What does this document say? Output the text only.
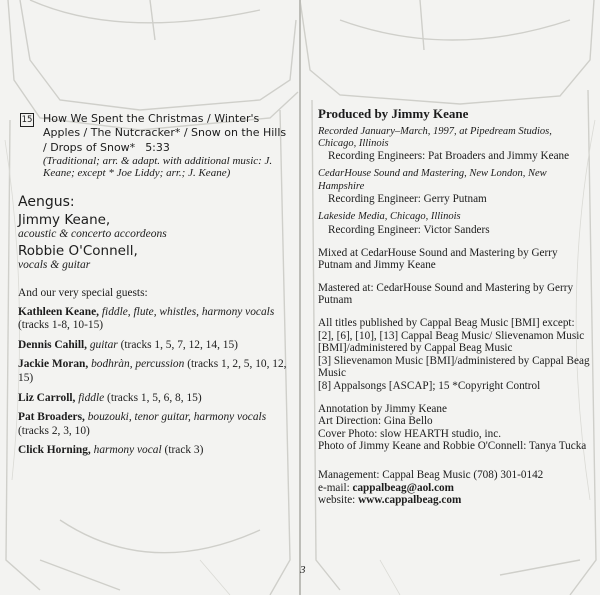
15 How We Spent the Christmas / Winter's Apples / The Nutcracker* / Snow on the Hills / Drops of Snow* 5:33
(Traditional; arr. & adapt. with additional music: J. Keane; except * Joe Liddy; arr.; J. Keane)
Aengus:
Jimmy Keane,
acoustic & concerto accordeons
Robbie O'Connell,
vocals & guitar
And our very special guests:
Kathleen Keane, fiddle, flute, whistles, harmony vocals (tracks 1-8, 10-15)
Dennis Cahill, guitar (tracks 1, 5, 7, 12, 14, 15)
Jackie Moran, bodhràn, percussion (tracks 1, 2, 5, 10, 12, 15)
Liz Carroll, fiddle (tracks 1, 5, 6, 8, 15)
Pat Broaders, bouzouki, tenor guitar, harmony vocals (tracks 2, 3, 10)
Click Horning, harmony vocal (track 3)
Produced by Jimmy Keane
Recorded January–March, 1997, at Pipedream Studios, Chicago, Illinois
Recording Engineers: Pat Broaders and Jimmy Keane
CedarHouse Sound and Mastering, New London, New Hampshire
Recording Engineer: Gerry Putnam
Lakeside Media, Chicago, Illinois
Recording Engineer: Victor Sanders
Mixed at CedarHouse Sound and Mastering by Gerry Putnam and Jimmy Keane
Mastered at: CedarHouse Sound and Mastering by Gerry Putnam
All titles published by Cappal Beag Music [BMI] except: [2], [6], [10], [13] Cappal Beag Music/ Slievenamon Music [BMI]/administered by Cappal Beag Music
[3] Slievenamon Music [BMI]/administered by Cappal Beag Music
[8] Appalsongs [ASCAP]; 15 *Copyright Control
Annotation by Jimmy Keane
Art Direction: Gina Bello
Cover Photo: slow HEARTH studio, inc.
Photo of Jimmy Keane and Robbie O'Connell: Tanya Tucka
Management: Cappal Beag Music (708) 301-0142
e-mail: cappalbeag@aol.com
website: www.cappalbeag.com
3
